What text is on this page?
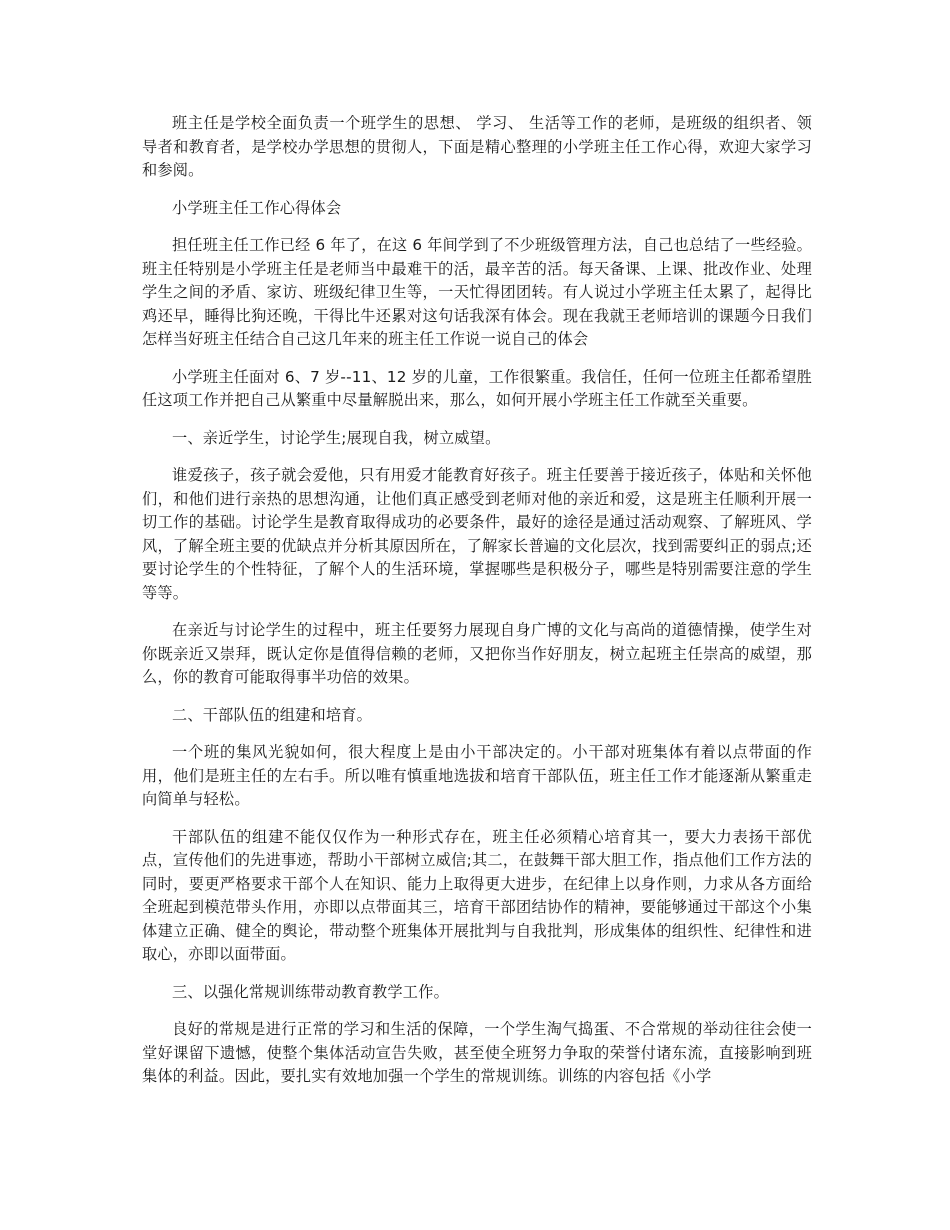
班主任是学校全面负责一个班学生的思想、 学习、 生活等工作的老师，是班级的组织者、领导者和教育者，是学校办学思想的贯彻人，下面是精心整理的小学班主任工作心得，欢迎大家学习和参阅。

小学班主任工作心得体会

担任班主任工作已经 6 年了，在这 6 年间学到了不少班级管理方法，自己也总结了一些经验。班主任特别是小学班主任是老师当中最难干的活，最辛苦的活。每天备课、上课、批改作业、处理学生之间的矛盾、家访、班级纪律卫生等，一天忙得团团转。有人说过小学班主任太累了，起得比鸡还早，睡得比狗还晚，干得比牛还累对这句话我深有体会。现在我就王老师培训的课题今日我们怎样当好班主任结合自己这几年来的班主任工作说一说自己的体会

小学班主任面对 6、7 岁--11、12 岁的儿童，工作很繁重。我信任，任何一位班主任都希望胜任这项工作并把自己从繁重中尽量解脱出来，那么，如何开展小学班主任工作就至关重要。

一、亲近学生，讨论学生;展现自我，树立威望。

谁爱孩子，孩子就会爱他，只有用爱才能教育好孩子。班主任要善于接近孩子，体贴和关怀他们，和他们进行亲热的思想沟通，让他们真正感受到老师对他的亲近和爱，这是班主任顺利开展一切工作的基础。讨论学生是教育取得成功的必要条件，最好的途径是通过活动观察、了解班风、学风，了解全班主要的优缺点并分析其原因所在，了解家长普遍的文化层次，找到需要纠正的弱点;还要讨论学生的个性特征，了解个人的生活环境，掌握哪些是积极分子，哪些是特别需要注意的学生等等。

在亲近与讨论学生的过程中，班主任要努力展现自身广博的文化与高尚的道德情操，使学生对你既亲近又崇拜，既认定你是值得信赖的老师，又把你当作好朋友，树立起班主任崇高的威望，那么，你的教育可能取得事半功倍的效果。

二、干部队伍的组建和培育。

一个班的集风光貌如何，很大程度上是由小干部决定的。小干部对班集体有着以点带面的作用，他们是班主任的左右手。所以唯有慎重地选拔和培育干部队伍，班主任工作才能逐渐从繁重走向简单与轻松。

干部队伍的组建不能仅仅作为一种形式存在，班主任必须精心培育其一，要大力表扬干部优点，宣传他们的先进事迹，帮助小干部树立威信;其二，在鼓舞干部大胆工作，指点他们工作方法的同时，要更严格要求干部个人在知识、能力上取得更大进步，在纪律上以身作则，力求从各方面给全班起到模范带头作用，亦即以点带面其三，培育干部团结协作的精神，要能够通过干部这个小集体建立正确、健全的舆论，带动整个班集体开展批判与自我批判，形成集体的组织性、纪律性和进取心，亦即以面带面。

三、以强化常规训练带动教育教学工作。

良好的常规是进行正常的学习和生活的保障，一个学生淘气捣蛋、不合常规的举动往往会使一堂好课留下遗憾，使整个集体活动宣告失败，甚至使全班努力争取的荣誉付诸东流，直接影响到班集体的利益。因此，要扎实有效地加强一个学生的常规训练。训练的内容包括《小学
